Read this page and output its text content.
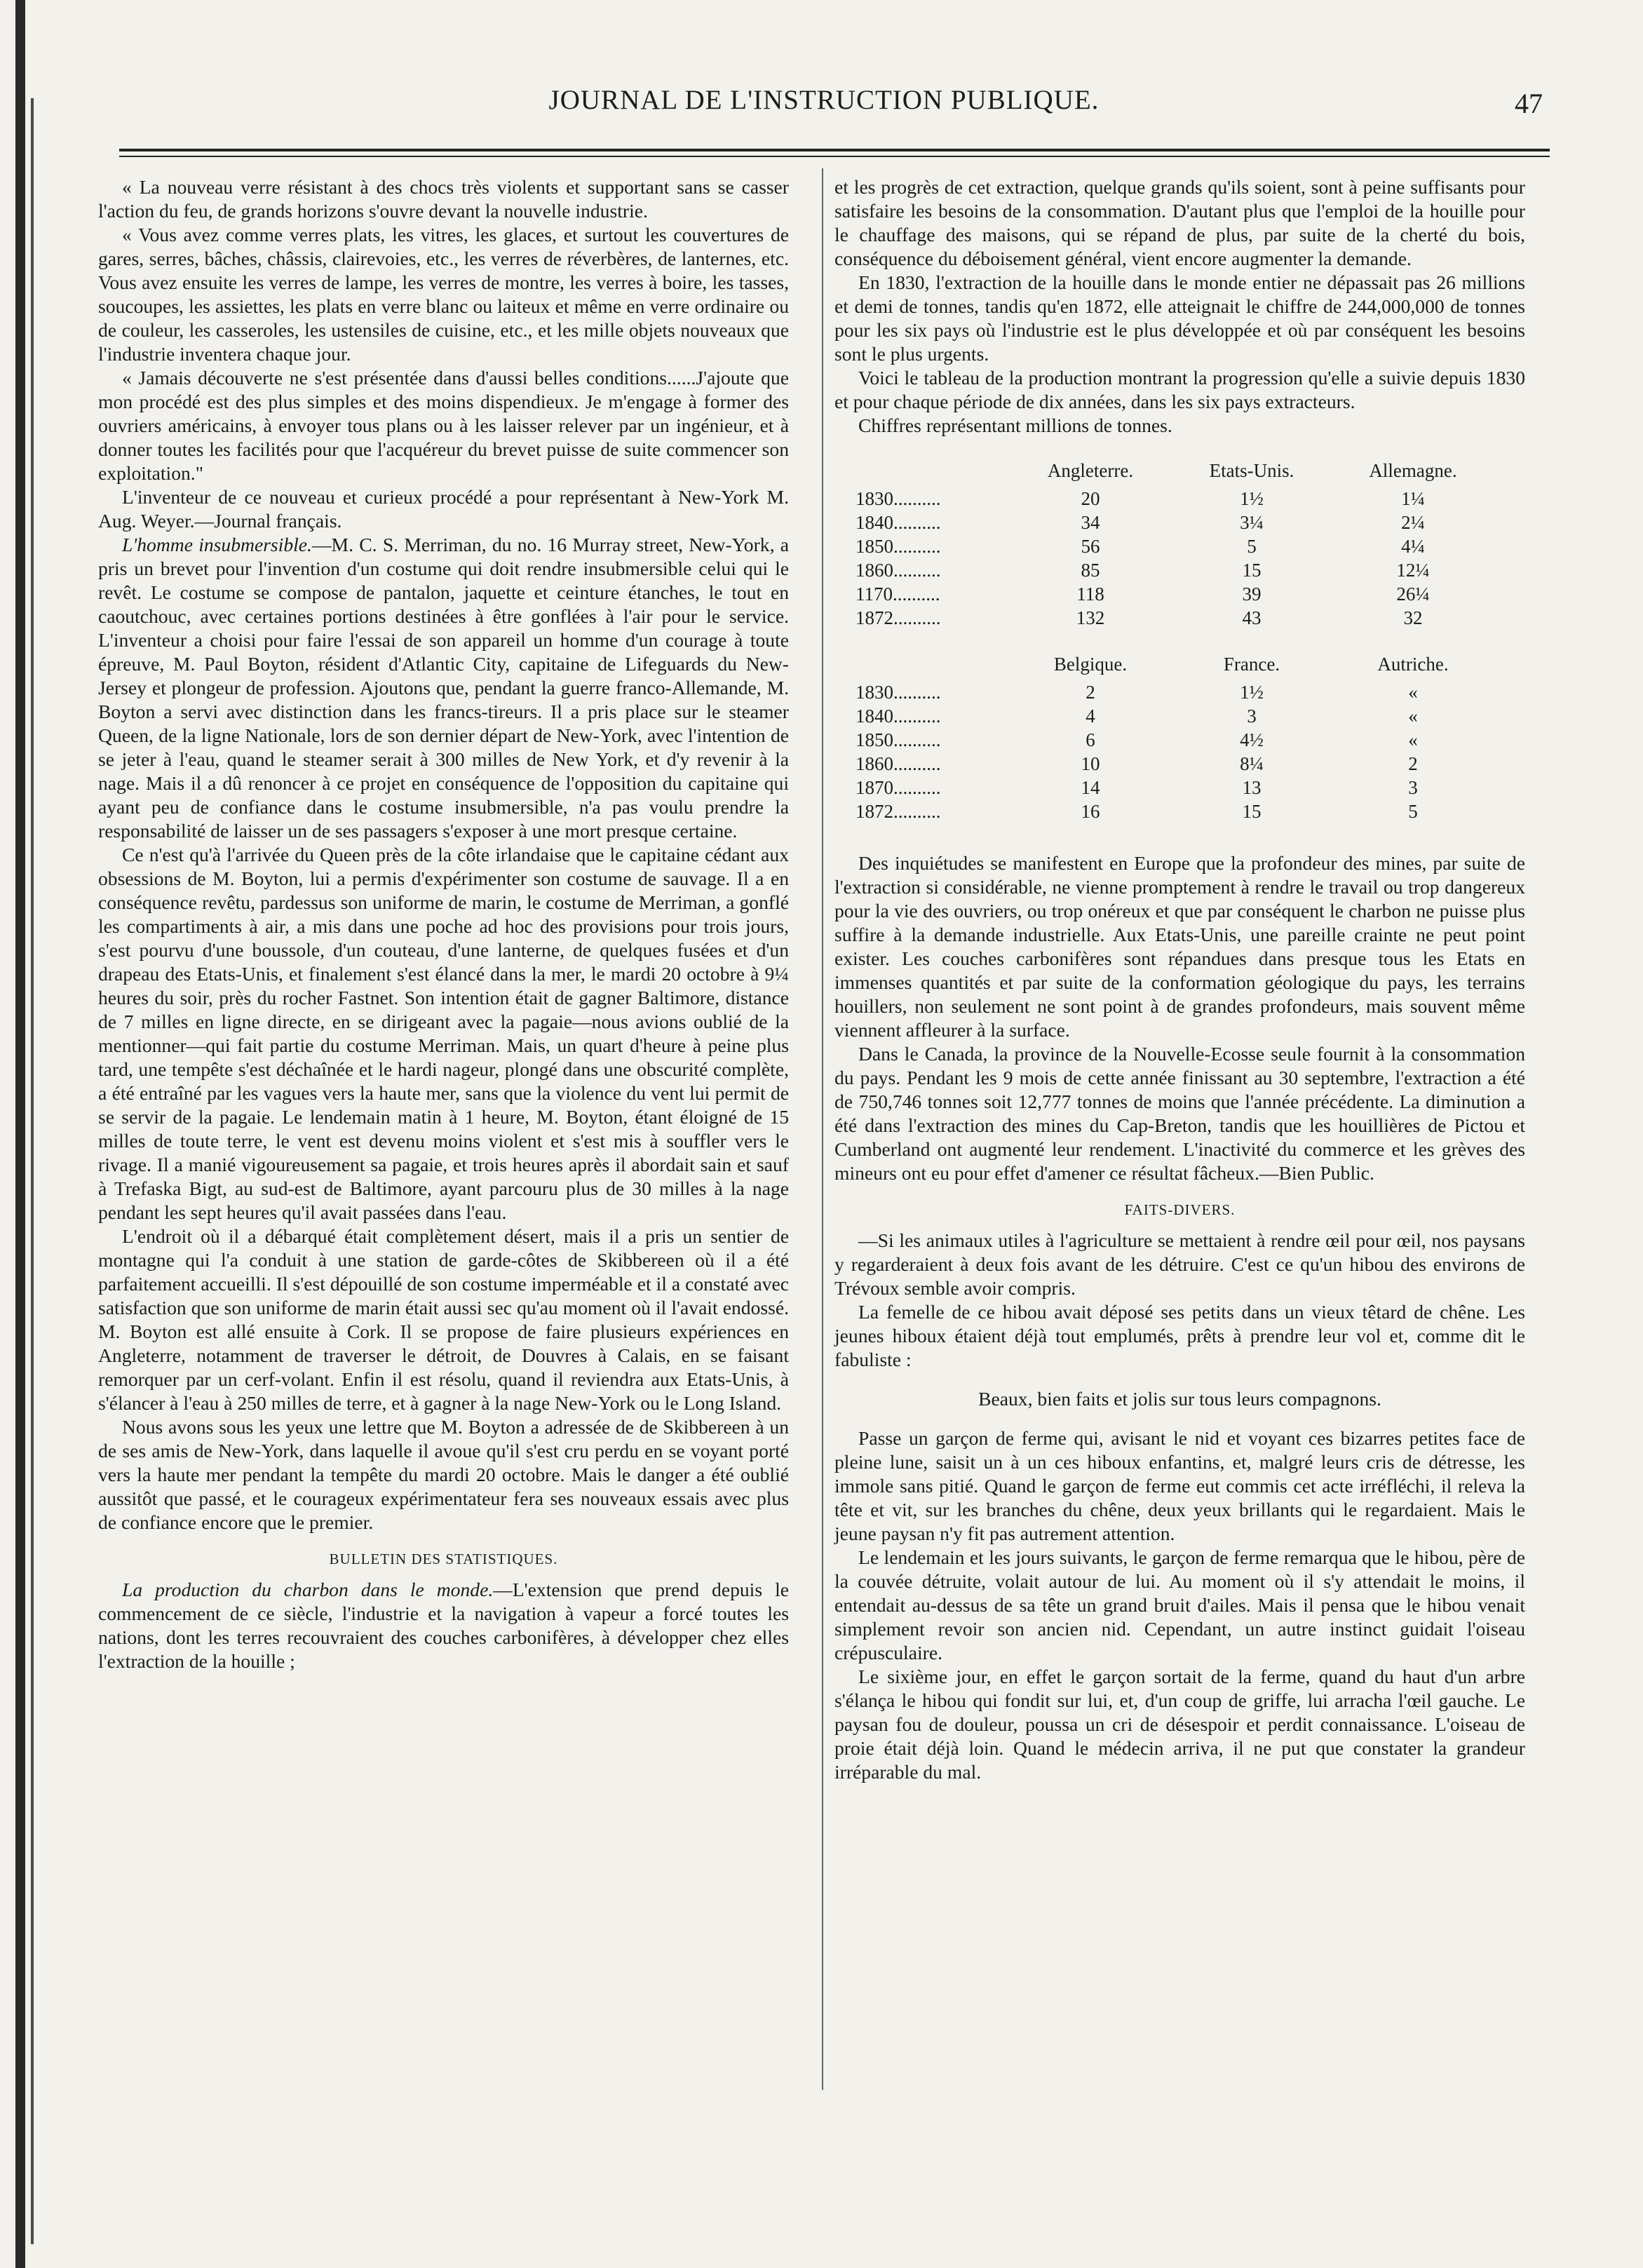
JOURNAL DE L'INSTRUCTION PUBLIQUE.	47

« La nouveau verre résistant à des chocs très violents et supportant sans se casser l'action du feu, de grands horizons s'ouvre devant la nouvelle industrie.

« Vous avez comme verres plats, les vitres, les glaces, et surtout les couvertures de gares, serres, bâches, châssis, clairevoies, etc., les verres de réverbères, de lanternes, etc. Vous avez ensuite les verres de lampe, les verres de montre, les verres à boire, les tasses, soucoupes, les assiettes, les plats en verre blanc ou laiteux et même en verre ordinaire ou de couleur, les casseroles, les ustensiles de cuisine, etc., et les mille objets nouveaux que l'industrie inventera chaque jour.

« Jamais découverte ne s'est présentée dans d'aussi belles conditions......J'ajoute que mon procédé est des plus simples et des moins dispendieux. Je m'engage à former des ouvriers américains, à envoyer tous plans ou à les laisser relever par un ingénieur, et à donner toutes les facilités pour que l'acquéreur du brevet puisse de suite commencer son exploitation."

L'inventeur de ce nouveau et curieux procédé a pour représentant à New-York M. Aug. Weyer.—Journal français.

L'homme insubmersible.—M. C. S. Merriman, du no. 16 Murray street, New-York, a pris un brevet pour l'invention d'un costume qui doit rendre insubmersible celui qui le revêt. Le costume se compose de pantalon, jaquette et ceinture étanches, le tout en caoutchouc, avec certaines portions destinées à être gonflées à l'air pour le service. L'inventeur a choisi pour faire l'essai de son appareil un homme d'un courage à toute épreuve, M. Paul Boyton, résident d'Atlantic City, capitaine de Lifeguards du New-Jersey et plongeur de profession. Ajoutons que, pendant la guerre franco-Allemande, M. Boyton a servi avec distinction dans les francs-tireurs. Il a pris place sur le steamer Queen, de la ligne Nationale, lors de son dernier départ de New-York, avec l'intention de se jeter à l'eau, quand le steamer serait à 300 milles de New York, et d'y revenir à la nage. Mais il a dû renoncer à ce projet en conséquence de l'opposition du capitaine qui ayant peu de confiance dans le costume insubmersible, n'a pas voulu prendre la responsabilité de laisser un de ses passagers s'exposer à une mort presque certaine.

Ce n'est qu'à l'arrivée du Queen près de la côte irlandaise que le capitaine cédant aux obsessions de M. Boyton, lui a permis d'expérimenter son costume de sauvage. Il a en conséquence revêtu, pardessus son uniforme de marin, le costume de Merriman, a gonflé les compartiments à air, a mis dans une poche ad hoc des provisions pour trois jours, s'est pourvu d'une boussole, d'un couteau, d'une lanterne, de quelques fusées et d'un drapeau des Etats-Unis, et finalement s'est élancé dans la mer, le mardi 20 octobre à 9¼ heures du soir, près du rocher Fastnet. Son intention était de gagner Baltimore, distance de 7 milles en ligne directe, en se dirigeant avec la pagaie—nous avions oublié de la mentionner—qui fait partie du costume Merriman. Mais, un quart d'heure à peine plus tard, une tempête s'est déchaînée et le hardi nageur, plongé dans une obscurité complète, a été entraîné par les vagues vers la haute mer, sans que la violence du vent lui permit de se servir de la pagaie. Le lendemain matin à 1 heure, M. Boyton, étant éloigné de 15 milles de toute terre, le vent est devenu moins violent et s'est mis à souffler vers le rivage. Il a manié vigoureusement sa pagaie, et trois heures après il abordait sain et sauf à Trefaska Bigt, au sud-est de Baltimore, ayant parcouru plus de 30 milles à la nage pendant les sept heures qu'il avait passées dans l'eau.

L'endroit où il a débarqué était complètement désert, mais il a pris un sentier de montagne qui l'a conduit à une station de garde-côtes de Skibbereen où il a été parfaitement accueilli. Il s'est dépouillé de son costume imperméable et il a constaté avec satisfaction que son uniforme de marin était aussi sec qu'au moment où il l'avait endossé. M. Boyton est allé ensuite à Cork. Il se propose de faire plusieurs expériences en Angleterre, notamment de traverser le détroit, de Douvres à Calais, en se faisant remorquer par un cerf-volant. Enfin il est résolu, quand il reviendra aux Etats-Unis, à s'élancer à l'eau à 250 milles de terre, et à gagner à la nage New-York ou le Long Island.

Nous avons sous les yeux une lettre que M. Boyton a adressée de de Skibbereen à un de ses amis de New-York, dans laquelle il avoue qu'il s'est cru perdu en se voyant porté vers la haute mer pendant la tempête du mardi 20 octobre. Mais le danger a été oublié aussitôt que passé, et le courageux expérimentateur fera ses nouveaux essais avec plus de confiance encore que le premier.

BULLETIN DES STATISTIQUES.

La production du charbon dans le monde.—L'extension que prend depuis le commencement de ce siècle, l'industrie et la navigation à vapeur a forcé toutes les nations, dont les terres recouvraient des couches carbonifères, à développer chez elles l'extraction de la houille ;

et les progrès de cet extraction, quelque grands qu'ils soient, sont à peine suffisants pour satisfaire les besoins de la consommation. D'autant plus que l'emploi de la houille pour le chauffage des maisons, qui se répand de plus, par suite de la cherté du bois, conséquence du déboisement général, vient encore augmenter la demande.

En 1830, l'extraction de la houille dans le monde entier ne dépassait pas 26 millions et demi de tonnes, tandis qu'en 1872, elle atteignait le chiffre de 244,000,000 de tonnes pour les six pays où l'industrie est le plus développée et où par conséquent les besoins sont le plus urgents.

Voici le tableau de la production montrant la progression qu'elle a suivie depuis 1830 et pour chaque période de dix années, dans les six pays extracteurs.

Chiffres représentant millions de tonnes.

	Angleterre.	Etats-Unis.	Allemagne.
1830..........	20	1½	1¼
1840..........	34	3¼	2¼
1850..........	56	5	4¼
1860..........	85	15	12¼
1170..........	118	39	26¼
1872..........	132	43	32
	Belgique.	France.	Autriche.
1830..........	2	1½	«
1840..........	4	3	«
1850..........	6	4½	«
1860..........	10	8¼	2
1870..........	14	13	3
1872..........	16	15	5

Des inquiétudes se manifestent en Europe que la profondeur des mines, par suite de l'extraction si considérable, ne vienne promptement à rendre le travail ou trop dangereux pour la vie des ouvriers, ou trop onéreux et que par conséquent le charbon ne puisse plus suffire à la demande industrielle. Aux Etats-Unis, une pareille crainte ne peut point exister. Les couches carbonifères sont répandues dans presque tous les Etats en immenses quantités et par suite de la conformation géologique du pays, les terrains houillers, non seulement ne sont point à de grandes profondeurs, mais souvent même viennent affleurer à la surface.

Dans le Canada, la province de la Nouvelle-Ecosse seule fournit à la consommation du pays. Pendant les 9 mois de cette année finissant au 30 septembre, l'extraction a été de 750,746 tonnes soit 12,777 tonnes de moins que l'année précédente. La diminution a été dans l'extraction des mines du Cap-Breton, tandis que les houillières de Pictou et Cumberland ont augmenté leur rendement. L'inactivité du commerce et les grèves des mineurs ont eu pour effet d'amener ce résultat fâcheux.—Bien Public.

FAITS-DIVERS.

—Si les animaux utiles à l'agriculture se mettaient à rendre œil pour œil, nos paysans y regarderaient à deux fois avant de les détruire. C'est ce qu'un hibou des environs de Trévoux semble avoir compris.

La femelle de ce hibou avait déposé ses petits dans un vieux têtard de chêne. Les jeunes hiboux étaient déjà tout emplumés, prêts à prendre leur vol et, comme dit le fabuliste :

Beaux, bien faits et jolis sur tous leurs compagnons.

Passe un garçon de ferme qui, avisant le nid et voyant ces bizarres petites face de pleine lune, saisit un à un ces hiboux enfantins, et, malgré leurs cris de détresse, les immole sans pitié. Quand le garçon de ferme eut commis cet acte irréfléchi, il releva la tête et vit, sur les branches du chêne, deux yeux brillants qui le regardaient. Mais le jeune paysan n'y fit pas autrement attention.

Le lendemain et les jours suivants, le garçon de ferme remarqua que le hibou, père de la couvée détruite, volait autour de lui. Au moment où il s'y attendait le moins, il entendait au-dessus de sa tête un grand bruit d'ailes. Mais il pensa que le hibou venait simplement revoir son ancien nid. Cependant, un autre instinct guidait l'oiseau crépusculaire.

Le sixième jour, en effet le garçon sortait de la ferme, quand du haut d'un arbre s'élança le hibou qui fondit sur lui, et, d'un coup de griffe, lui arracha l'œil gauche. Le paysan fou de douleur, poussa un cri de désespoir et perdit connaissance. L'oiseau de proie était déjà loin. Quand le médecin arriva, il ne put que constater la grandeur irréparable du mal.
